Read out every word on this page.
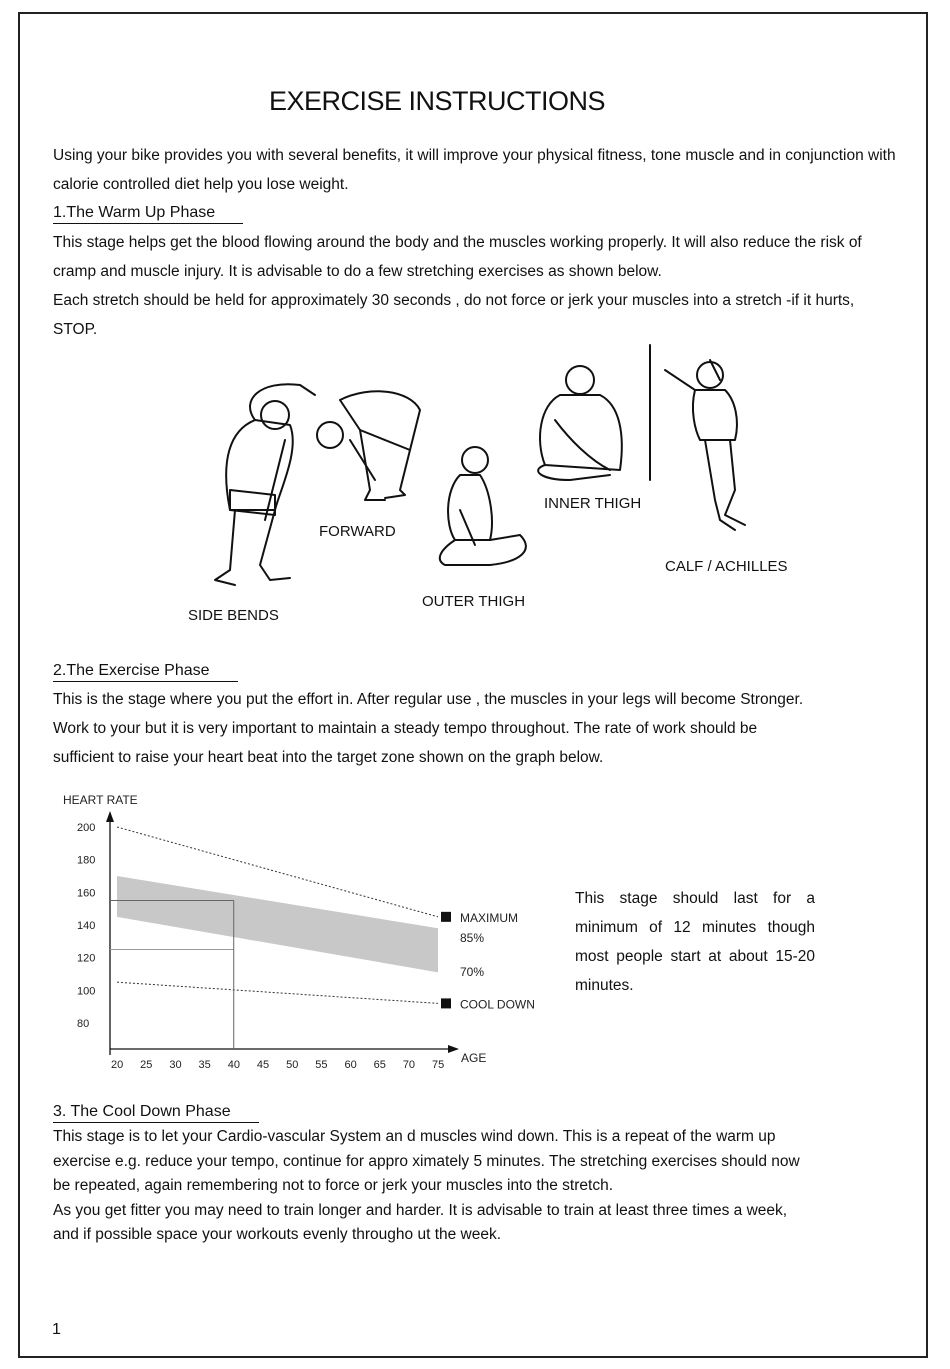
EXERCISE INSTRUCTIONS
Using your bike provides you with several benefits, it will improve your physical fitness, tone muscle and in conjunction with calorie controlled diet help you lose weight.
1.The Warm Up Phase

This stage helps get the blood flowing around the body and the muscles working properly. It will also reduce the risk of cramp and muscle injury. It is advisable to do a few stretching exercises as shown below.

Each stretch should be held for approximately 30 seconds , do not force or jerk your muscles into a stretch -if it hurts, STOP.

SIDE BENDS
FORWARD
OUTER THIGH
INNER THIGH
CALF / ACHILLES
2.The Exercise Phase

This is the stage where you put the effort in. After regular use , the muscles in your legs will become Stronger.

Work to your but it is very important to maintain a steady tempo throughout. The rate of work should be

sufficient to raise your heart beat into the target zone shown on the graph below.

HEART RATE
AGE
MAXIMUM
85%
70%
COOL DOWN
200
180
160
140
120
100
80
20 25 30 35 40 45 50 55 60 65 70 75
This stage should last for a minimum of 12 minutes though most people start at about 15-20 minutes.
3. The Cool Down Phase

This stage is to let your Cardio-vascular System an d muscles wind down. This is a repeat of the warm up

exercise e.g. reduce your tempo, continue for appro ximately 5 minutes. The stretching exercises should now

be repeated, again remembering not to force or jerk your muscles into the stretch.

As you get fitter you may need to train longer and harder. It is advisable to train at least three times a week,

and if possible space your workouts evenly througho ut the week.

1
